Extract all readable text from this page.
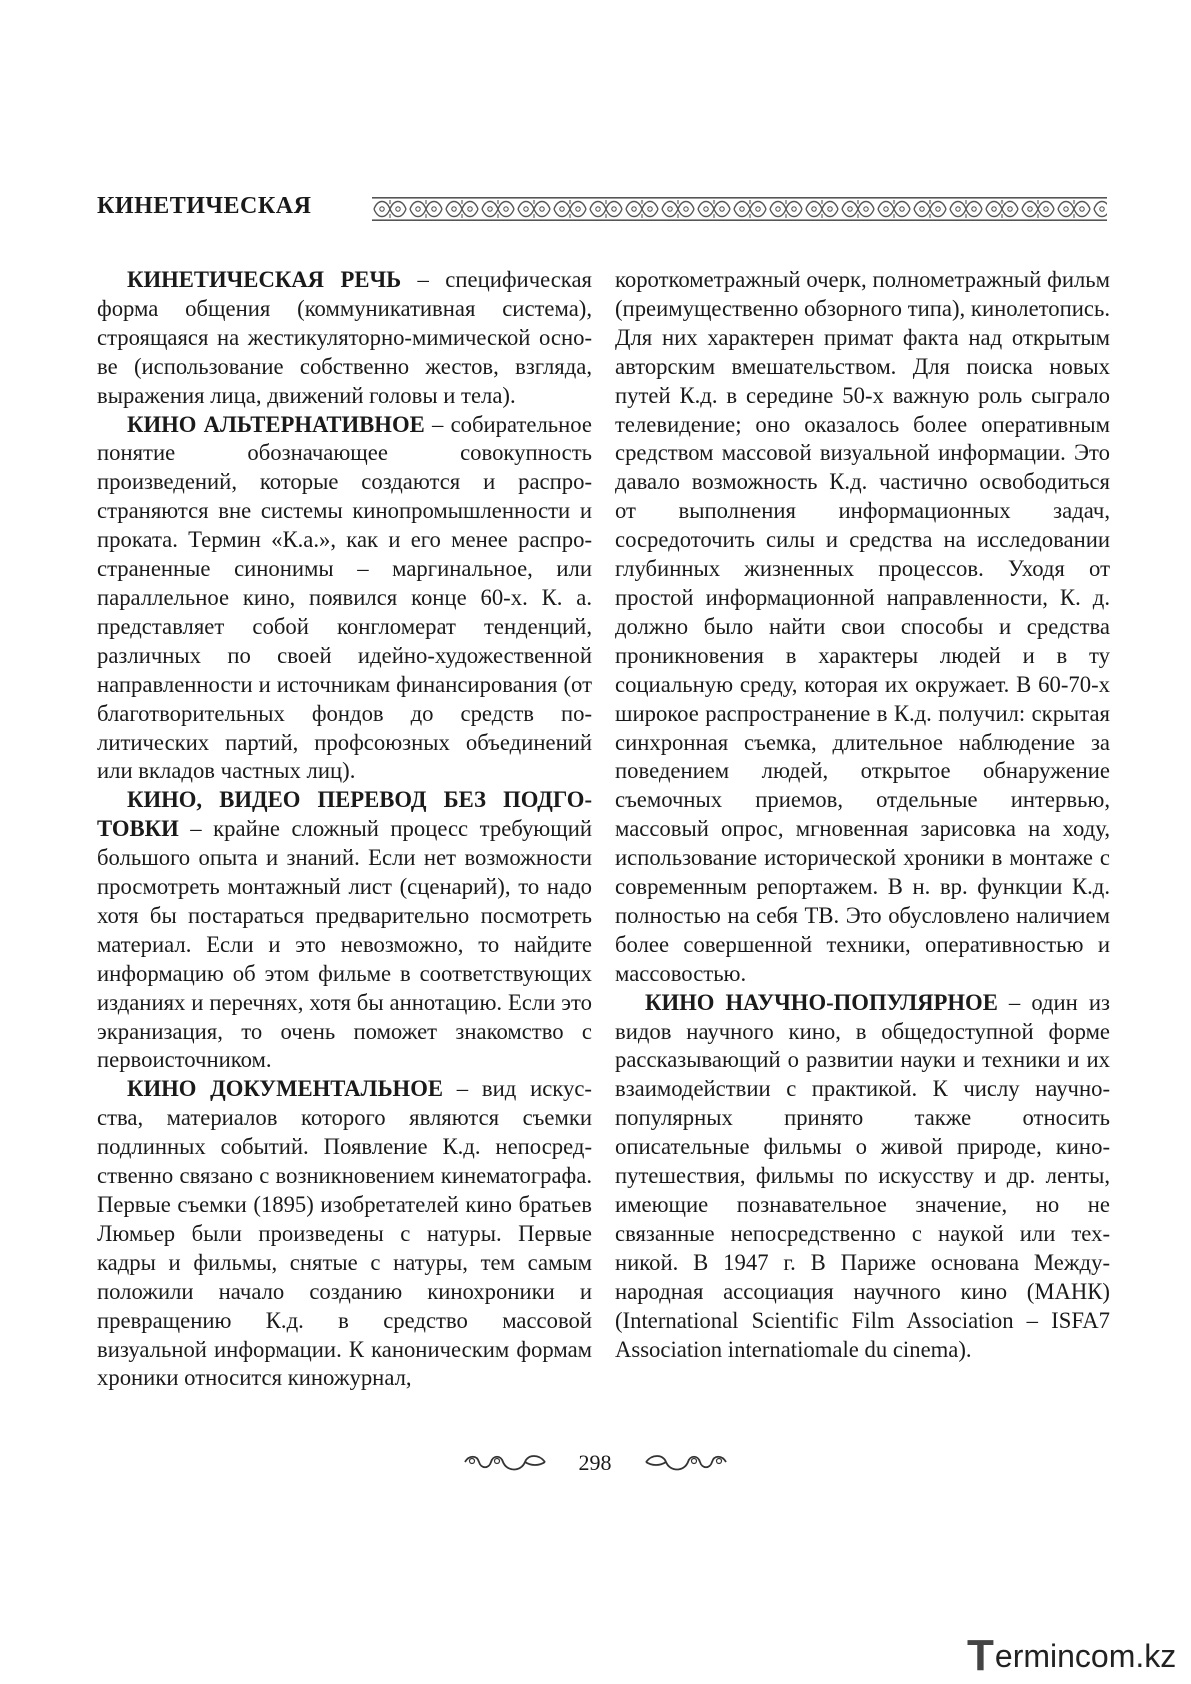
КИНЕТИЧЕСКАЯ

КИНЕТИЧЕСКАЯ РЕЧЬ – специфическая форма общения (коммуникативная система), строящаяся на жестикуляторно-мимической основе (использование собственно жестов, взгляда, выражения лица, движений головы и тела).

КИНО АЛЬТЕРНАТИВНОЕ – собирательное понятие обозначающее совокупность произведений, которые создаются и распространяются вне системы кинопромышленности и проката. Термин «К.а.», как и его менее распространенные синонимы – маргинальное, или параллельное кино, появился конце 60-х. К. а. представляет собой конгломерат тенденций, различных по своей идейно-художественной направленности и источникам финансирования (от благотворительных фондов до средств политических партий, профсоюзных объединений или вкладов частных лиц).

КИНО, ВИДЕО ПЕРЕВОД БЕЗ ПОДГОТОВКИ – крайне сложный процесс требующий большого опыта и знаний. Если нет возможности просмотреть монтажный лист (сценарий), то надо хотя бы постараться предварительно посмотреть материал. Если и это невозможно, то найдите информацию об этом фильме в соответствующих изданиях и перечнях, хотя бы аннотацию. Если это экранизация, то очень поможет знакомство с первоисточником.

КИНО ДОКУМЕНТАЛЬНОЕ – вид искусства, материалов которого являются съемки подлинных событий. Появление К.д. непосредственно связано с возникновением кинематографа. Первые съемки (1895) изобретателей кино братьев Люмьер были произведены с натуры. Первые кадры и фильмы, снятые с натуры, тем самым положили начало созданию кинохроники и превращению К.д. в средство массовой визуальной информации. К каноническим формам хроники относится киножурнал,

короткометражный очерк, полнометражный фильм (преимущественно обзорного типа), кинолетопись. Для них характерен примат факта над открытым авторским вмешательством. Для поиска новых путей К.д. в середине 50-х важную роль сыграло телевидение; оно оказалось более оперативным средством массовой визуальной информации. Это давало возможность К.д. частично освободиться от выполнения информационных задач, сосредоточить силы и средства на исследовании глубинных жизненных процессов. Уходя от простой информационной направленности, К. д. должно было найти свои способы и средства проникновения в характеры людей и в ту социальную среду, которая их окружает. В 60-70-х широкое распространение в К.д. получил: скрытая синхронная съемка, длительное наблюдение за поведением людей, открытое обнаружение съемочных приемов, отдельные интервью, массовый опрос, мгновенная зарисовка на ходу, использование исторической хроники в монтаже с современным репортажем. В н. вр. функции К.д. полностью на себя ТВ. Это обусловлено наличием более совершенной техники, оперативностью и массовостью.

КИНО НАУЧНО-ПОПУЛЯРНОЕ – один из видов научного кино, в общедоступной форме рассказывающий о развитии науки и техники и их взаимодействии с практикой. К числу научно-популярных принято также относить описательные фильмы о живой природе, кинопутешествия, фильмы по искусству и др. ленты, имеющие познавательное значение, но не связанные непосредственно с наукой или техникой. В 1947 г. В Париже основана Международная ассоциация научного кино (МАНК) (International Scientific Film Association – ISFA7 Association internatiomale du cinema).

298
T ermincom.kz
